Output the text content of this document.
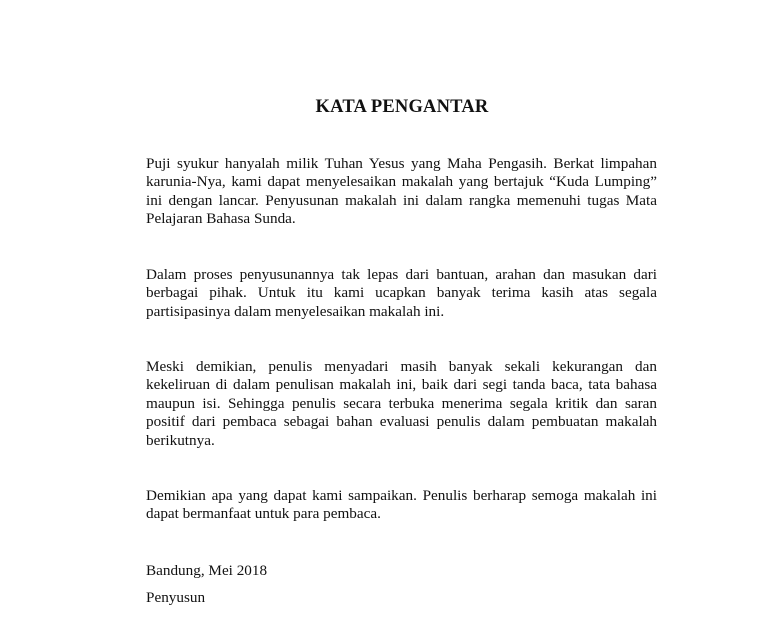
KATA PENGANTAR

Puji syukur hanyalah milik Tuhan Yesus yang Maha Pengasih. Berkat limpahan karunia-Nya, kami dapat menyelesaikan makalah yang bertajuk “Kuda Lumping” ini dengan lancar. Penyusunan makalah ini dalam rangka memenuhi tugas Mata Pelajaran Bahasa Sunda.

Dalam proses penyusunannya tak lepas dari bantuan, arahan dan masukan dari berbagai pihak. Untuk itu kami ucapkan banyak terima kasih atas segala partisipasinya dalam menyelesaikan makalah ini.

Meski demikian, penulis menyadari masih banyak sekali kekurangan dan kekeliruan di dalam penulisan makalah ini, baik dari segi tanda baca, tata bahasa maupun isi. Sehingga penulis secara terbuka menerima segala kritik dan saran positif dari pembaca sebagai bahan evaluasi penulis dalam pembuatan makalah berikutnya.

Demikian apa yang dapat kami sampaikan. Penulis berharap semoga makalah ini dapat bermanfaat untuk para pembaca.

Bandung, Mei 2018

Penyusun
